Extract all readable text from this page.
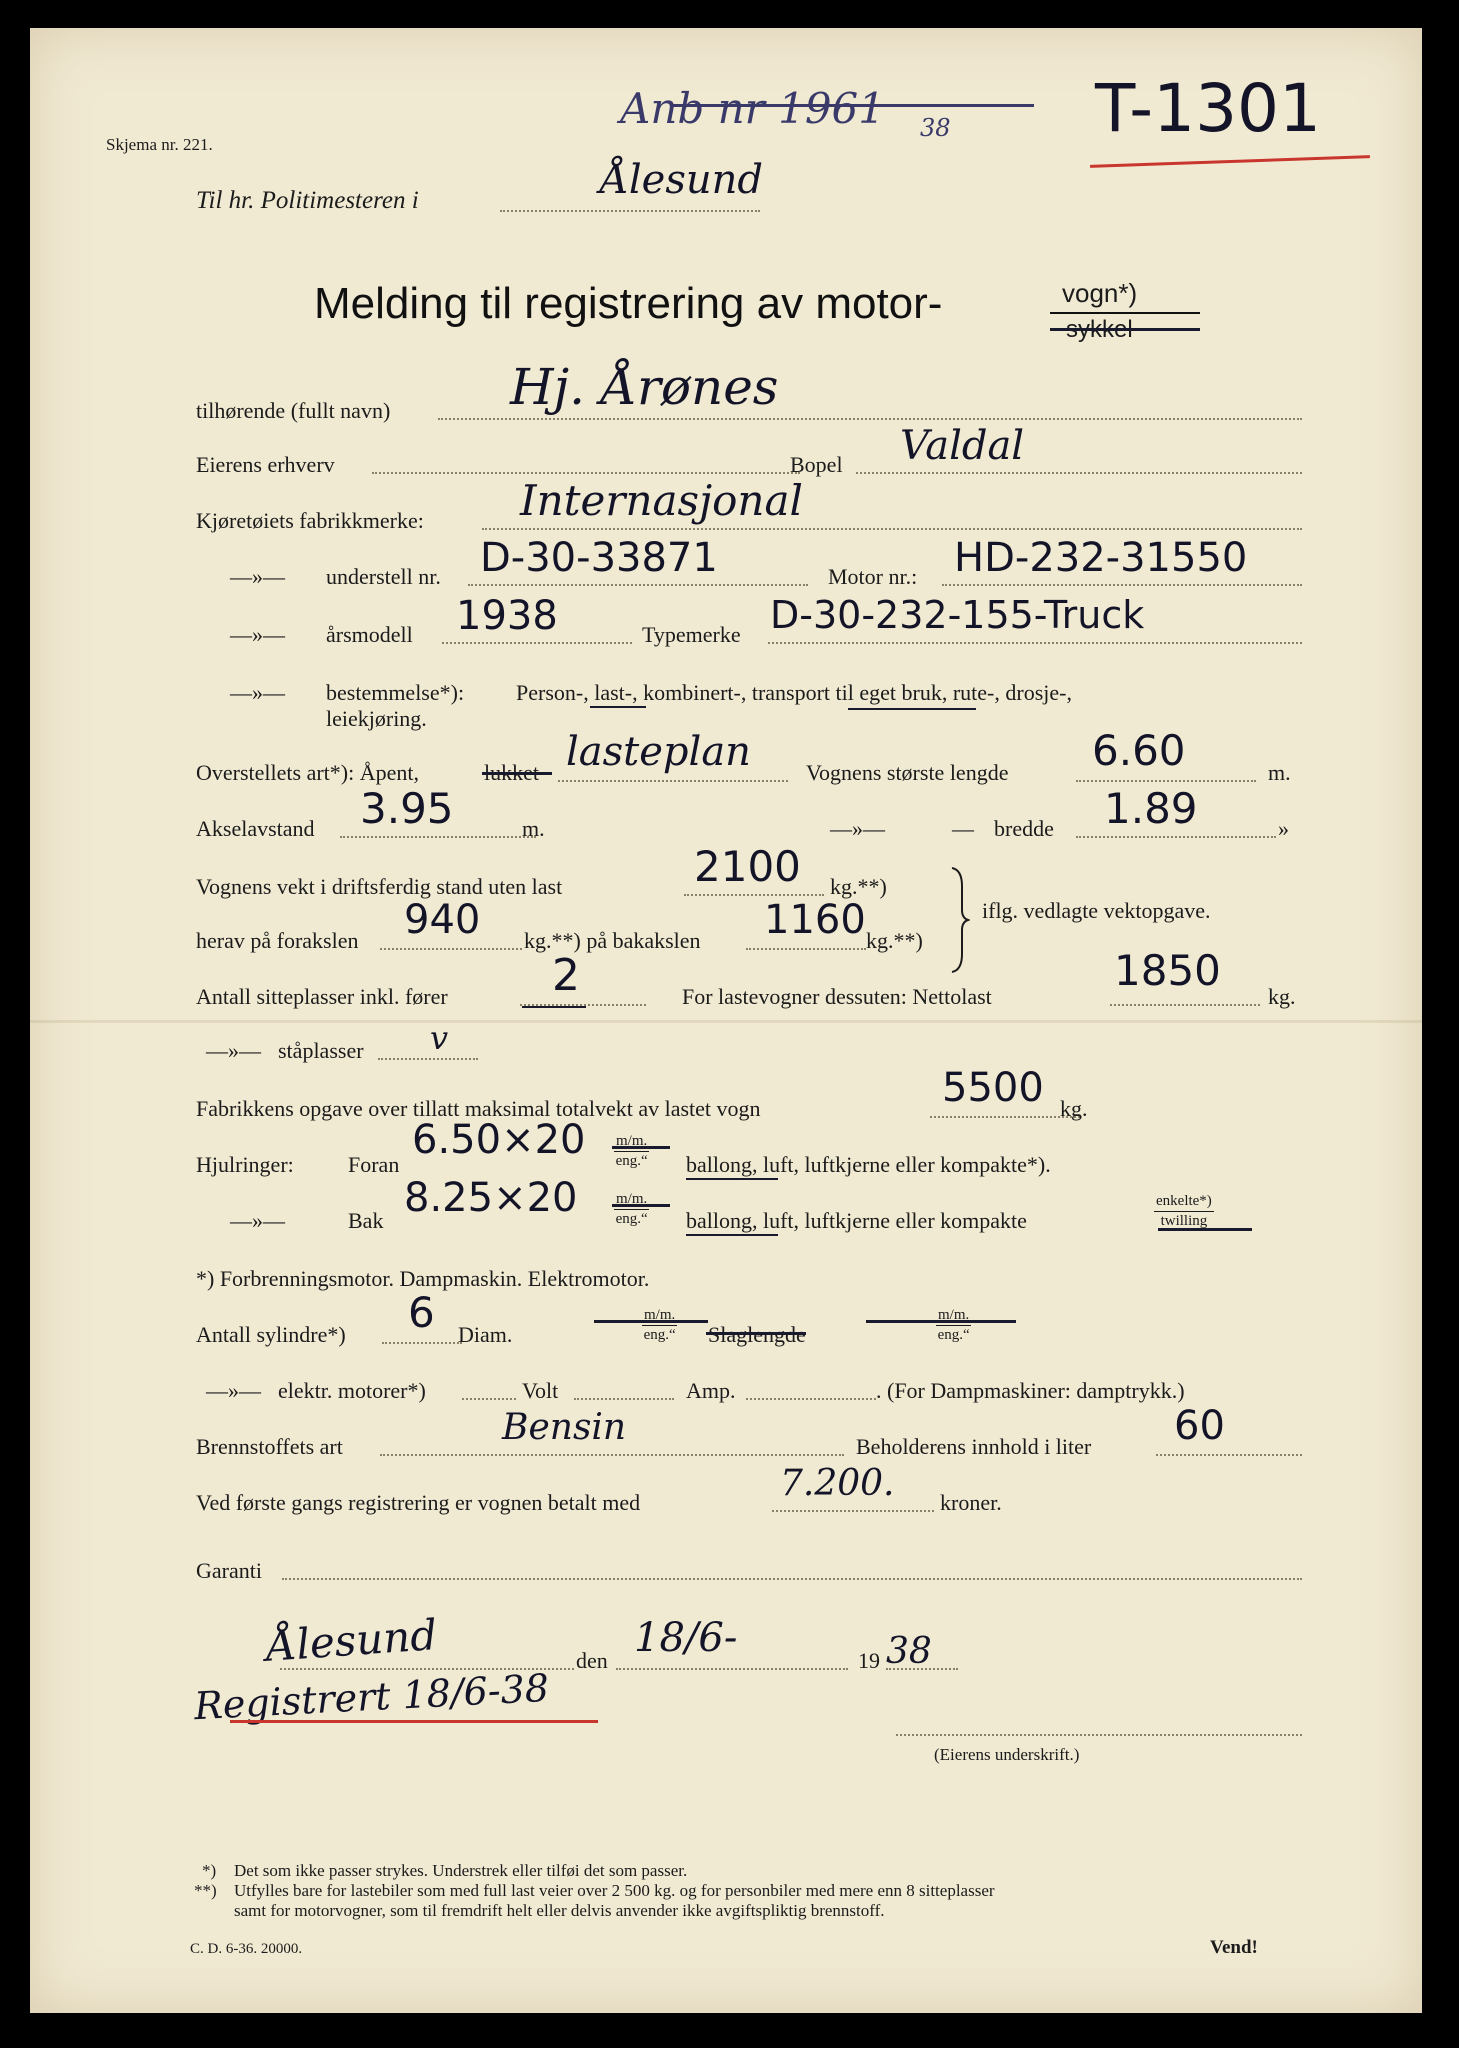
Skjema nr. 221.
Anb nr 1961 38 T-1301
Til hr. Politimesteren i	Ålesund
Melding til registrering av motor-	vogn*)
sykkel
tilhørende (fullt navn) Hj. Årønes
Eierens erhverv	Bopel Valdal
Kjøretøiets fabrikkmerke: Internasjonal
—»— understell nr. D-30-33871	Motor nr.: HD-232-31550
—»— årsmodell 1938	Typemerke D-30-232-155-Truck
—»— bestemmelse*): Person-, last-, kombinert-, transport til eget bruk, rute-, drosje-,
leiekjøring.
Overstellets art*): Åpent,	lukket lasteplan	Vognens største lengde 6.60	m.
Akselavstand 3.95	m.	—»—	— bredde 1.89	»
Vognens vekt i driftsferdig stand uten last	2100 kg.**)
herav på forakslen 940 kg.**) på bakakslen 1160 kg.**)
iflg. vedlagte vektopgave.
Antall sitteplasser inkl. fører 2	For lastevogner dessuten: Nettolast
1850
kg.
—»— ståplasser v
Fabrikkens opgave over tillatt maksimal totalvekt av lastet vogn	5500 kg.
Hjulringer: Foran
6.50×20 m/m.
eng.“ ballong, luft, luftkjerne eller kompakte*).
—»—	Bak 8.25×20	m/m.
eng.“ ballong, luft, luftkjerne eller kompakte
enkelte*)
twilling
*) Forbrenningsmotor. Dampmaskin. Elektromotor.
Antall sylindre*) 6 Diam.
m/m.
eng.“ Slaglengde
m/m.
eng.“
—»— elektr. motorer*)	Volt	Amp.	. (For Dampmaskiner: damptrykk.)
Brennstoffets art	Bensin	Beholderens innhold i liter 60
Ved første gangs registrering er vognen betalt med	7.200. kroner.
Garanti
Ålesund	den 18/6-	19 38
Registrert 18/6-38
(Eierens underskrift.)
*) Det som ikke passer strykes. Understrek eller tilføi det som passer.
**) Utfylles bare for lastebiler som med full last veier over 2 500 kg. og for personbiler med mere enn 8 sitteplasser
samt for motorvogner, som til fremdrift helt eller delvis anvender ikke avgiftspliktig brennstoff.
C. D. 6-36. 20000.	Vend!
